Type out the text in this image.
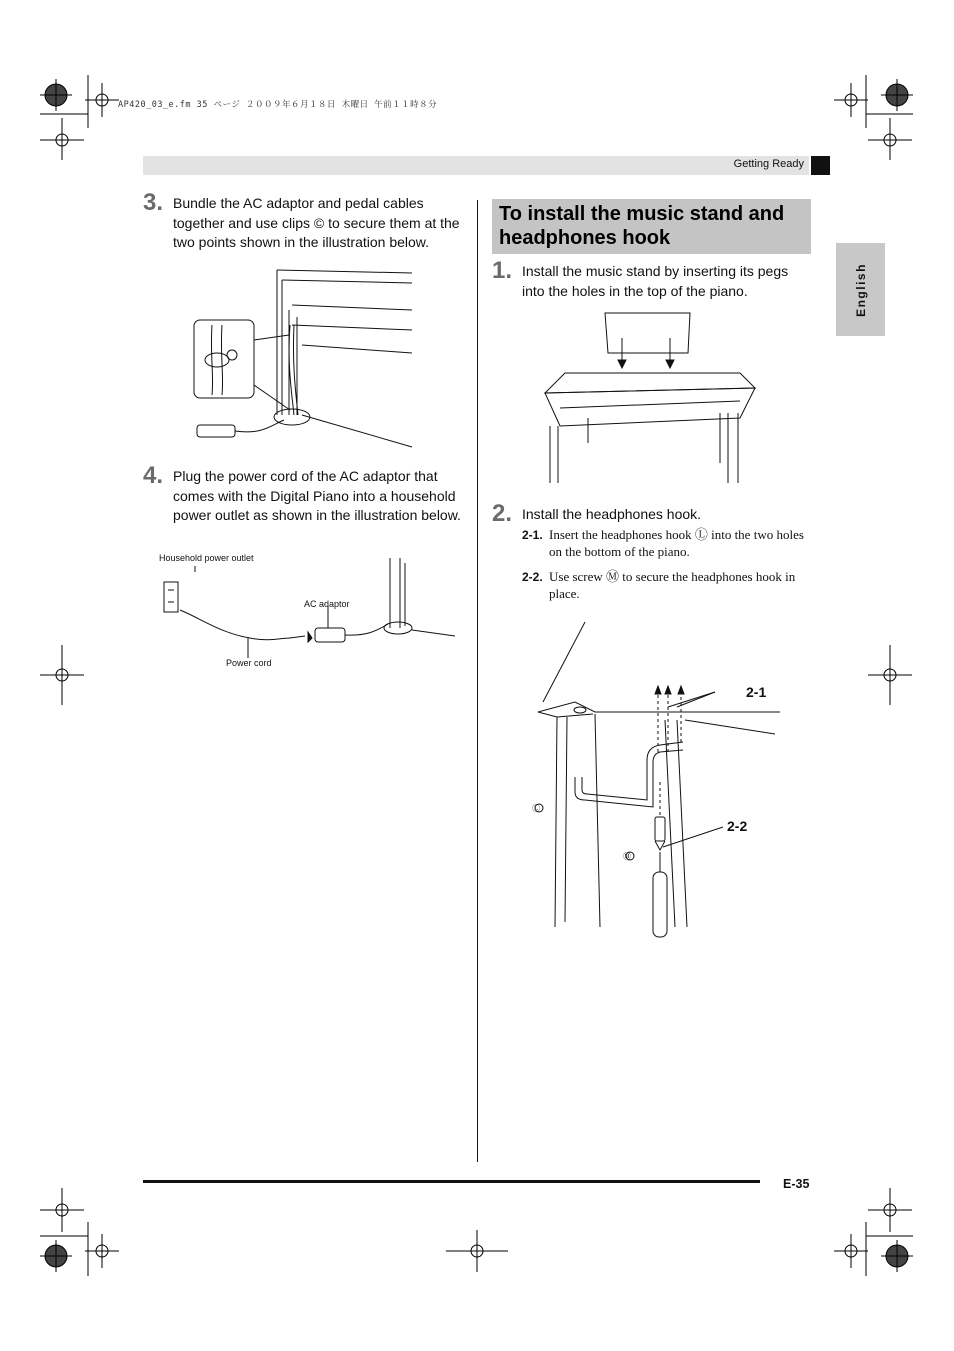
AP420_03_e.fm 35 ページ ２００９年６月１８日 木曜日 午前１１時８分
Getting Ready
English
3. Bundle the AC adaptor and pedal cables together and use clips © to secure them at the two points shown in the illustration below.
4. Plug the power cord of the AC adaptor that comes with the Digital Piano into a household power outlet as shown in the illustration below.
Household power outlet
AC adaptor
Power cord
To install the music stand and headphones hook
1. Install the music stand by inserting its pegs into the holes in the top of the piano.
2. Install the headphones hook.
2-1. Insert the headphones hook Ⓛ into the two holes on the bottom of the piano.
2-2. Use screw Ⓜ to secure the headphones hook in place.
2-1
2-2
Ⓛ
Ⓜ
E-35
